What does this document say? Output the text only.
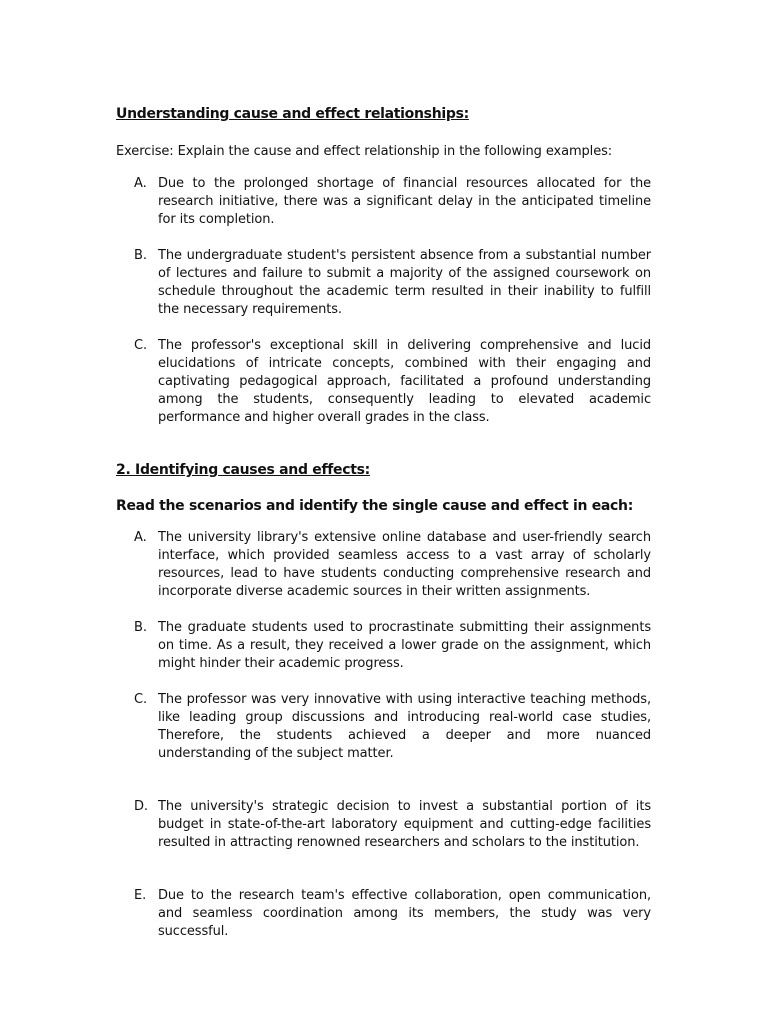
Understanding cause and effect relationships:

Exercise: Explain the cause and effect relationship in the following examples:

A. Due to the prolonged shortage of financial resources allocated for the research initiative, there was a significant delay in the anticipated timeline for its completion.
B. The undergraduate student's persistent absence from a substantial number of lectures and failure to submit a majority of the assigned coursework on schedule throughout the academic term resulted in their inability to fulfill the necessary requirements.
C. The professor's exceptional skill in delivering comprehensive and lucid elucidations of intricate concepts, combined with their engaging and captivating pedagogical approach, facilitated a profound understanding among the students, consequently leading to elevated academic performance and higher overall grades in the class.

2. Identifying causes and effects:

Read the scenarios and identify the single cause and effect in each:

A. The university library's extensive online database and user-friendly search interface, which provided seamless access to a vast array of scholarly resources, lead to have students conducting comprehensive research and incorporate diverse academic sources in their written assignments.
B. The graduate students used to procrastinate submitting their assignments on time. As a result, they received a lower grade on the assignment, which might hinder their academic progress.
C. The professor was very innovative with using interactive teaching methods, like leading group discussions and introducing real-world case studies, Therefore, the students achieved a deeper and more nuanced understanding of the subject matter.
D. The university's strategic decision to invest a substantial portion of its budget in state-of-the-art laboratory equipment and cutting-edge facilities resulted in attracting renowned researchers and scholars to the institution.
E. Due to the research team's effective collaboration, open communication, and seamless coordination among its members, the study was very successful.
